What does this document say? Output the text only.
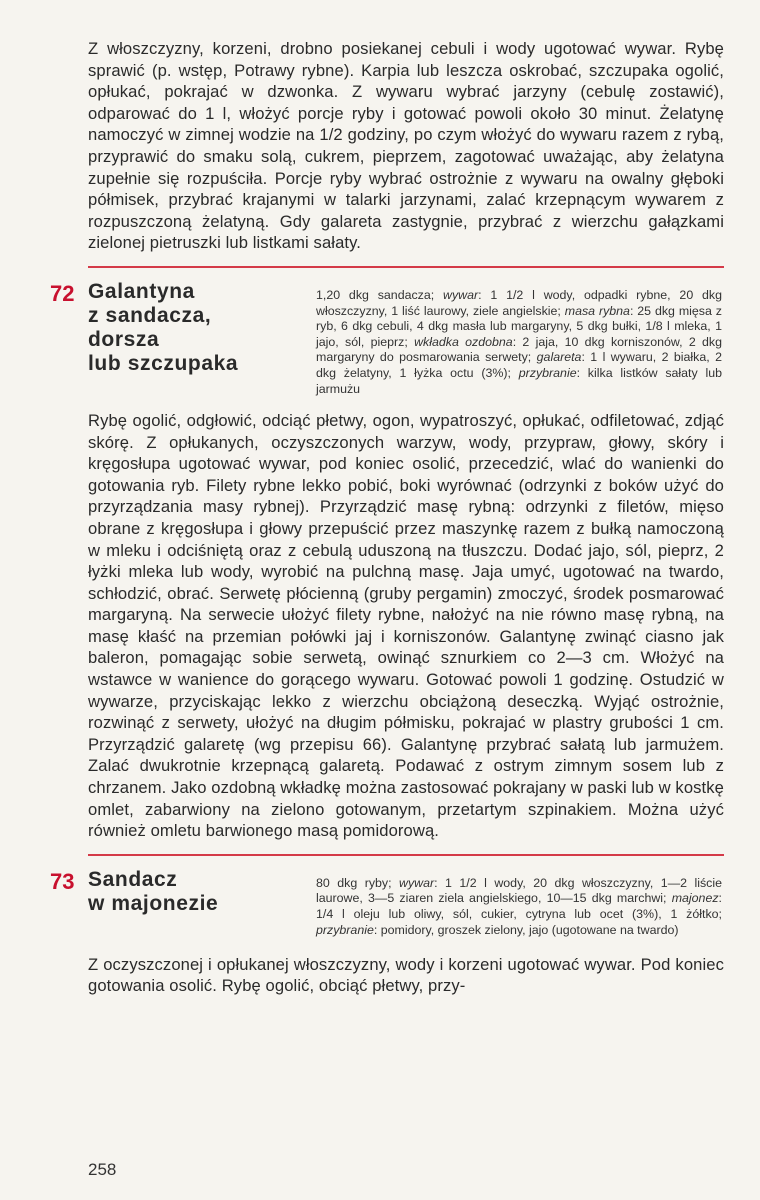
Z włoszczyzny, korzeni, drobno posiekanej cebuli i wody ugotować wywar. Rybę sprawić (p. wstęp, Potrawy rybne). Karpia lub leszcza oskrobać, szczupaka ogolić, opłukać, pokrajać w dzwonka. Z wywaru wybrać jarzyny (cebulę zostawić), odparować do 1 l, włożyć porcje ryby i gotować powoli około 30 minut. Żelatynę namoczyć w zimnej wodzie na 1/2 godziny, po czym włożyć do wywaru razem z rybą, przyprawić do smaku solą, cukrem, pieprzem, zagotować uważając, aby żelatyna zupełnie się rozpuściła. Porcje ryby wybrać ostrożnie z wywaru na owalny głęboki półmisek, przybrać krajanymi w talarki jarzynami, zalać krzepnącym wywarem z rozpuszczoną żelatyną. Gdy galareta zastygnie, przybrać z wierzchu gałązkami zielonej pietruszki lub listkami sałaty.

72 Galantyna
z sandacza,
dorsza
lub szczupaka
1,20 dkg sandacza; wywar: 1 1/2 l wody, odpadki rybne, 20 dkg włoszczyzny, 1 liść laurowy, ziele angielskie; masa rybna: 25 dkg mięsa z ryb, 6 dkg cebuli, 4 dkg masła lub margaryny, 5 dkg bułki, 1/8 l mleka, 1 jajo, sól, pieprz; wkładka ozdobna: 2 jaja, 10 dkg korniszonów, 2 dkg margaryny do posmarowania serwety; galareta: 1 l wywaru, 2 białka, 2 dkg żelatyny, 1 łyżka octu (3%); przybranie: kilka listków sałaty lub jarmużu

Rybę ogolić, odgłowić, odciąć płetwy, ogon, wypatroszyć, opłukać, odfiletować, zdjąć skórę. Z opłukanych, oczyszczonych warzyw, wody, przypraw, głowy, skóry i kręgosłupa ugotować wywar, pod koniec osolić, przecedzić, wlać do wanienki do gotowania ryb. Filety rybne lekko pobić, boki wyrównać (odrzynki z boków użyć do przyrządzania masy rybnej). Przyrządzić masę rybną: odrzynki z filetów, mięso obrane z kręgosłupa i głowy przepuścić przez maszynkę razem z bułką namoczoną w mleku i odciśniętą oraz z cebulą uduszoną na tłuszczu. Dodać jajo, sól, pieprz, 2 łyżki mleka lub wody, wyrobić na pulchną masę. Jaja umyć, ugotować na twardo, schłodzić, obrać. Serwetę płócienną (gruby pergamin) zmoczyć, środek posmarować margaryną. Na serwecie ułożyć filety rybne, nałożyć na nie równo masę rybną, na masę kłaść na przemian połówki jaj i korniszonów. Galantynę zwinąć ciasno jak baleron, pomagając sobie serwetą, owinąć sznurkiem co 2—3 cm. Włożyć na wstawce w wanience do gorącego wywaru. Gotować powoli 1 godzinę. Ostudzić w wywarze, przyciskając lekko z wierzchu obciążoną deseczką. Wyjąć ostrożnie, rozwinąć z serwety, ułożyć na długim półmisku, pokrajać w plastry grubości 1 cm. Przyrządzić galaretę (wg przepisu 66). Galantynę przybrać sałatą lub jarmużem. Zalać dwukrotnie krzepnącą galaretą. Podawać z ostrym zimnym sosem lub z chrzanem. Jako ozdobną wkładkę można zastosować pokrajany w paski lub w kostkę omlet, zabarwiony na zielono gotowanym, przetartym szpinakiem. Można użyć również omletu barwionego masą pomidorową.

73 Sandacz
w majonezie
80 dkg ryby; wywar: 1 1/2 l wody, 20 dkg włoszczyzny, 1—2 liście laurowe, 3—5 ziaren ziela angielskiego, 10—15 dkg marchwi; majonez: 1/4 l oleju lub oliwy, sól, cukier, cytryna lub ocet (3%), 1 żółtko; przybranie: pomidory, groszek zielony, jajo (ugotowane na twardo)

Z oczyszczonej i opłukanej włoszczyzny, wody i korzeni ugotować wywar. Pod koniec gotowania osolić. Rybę ogolić, obciąć płetwy, przy-

258
